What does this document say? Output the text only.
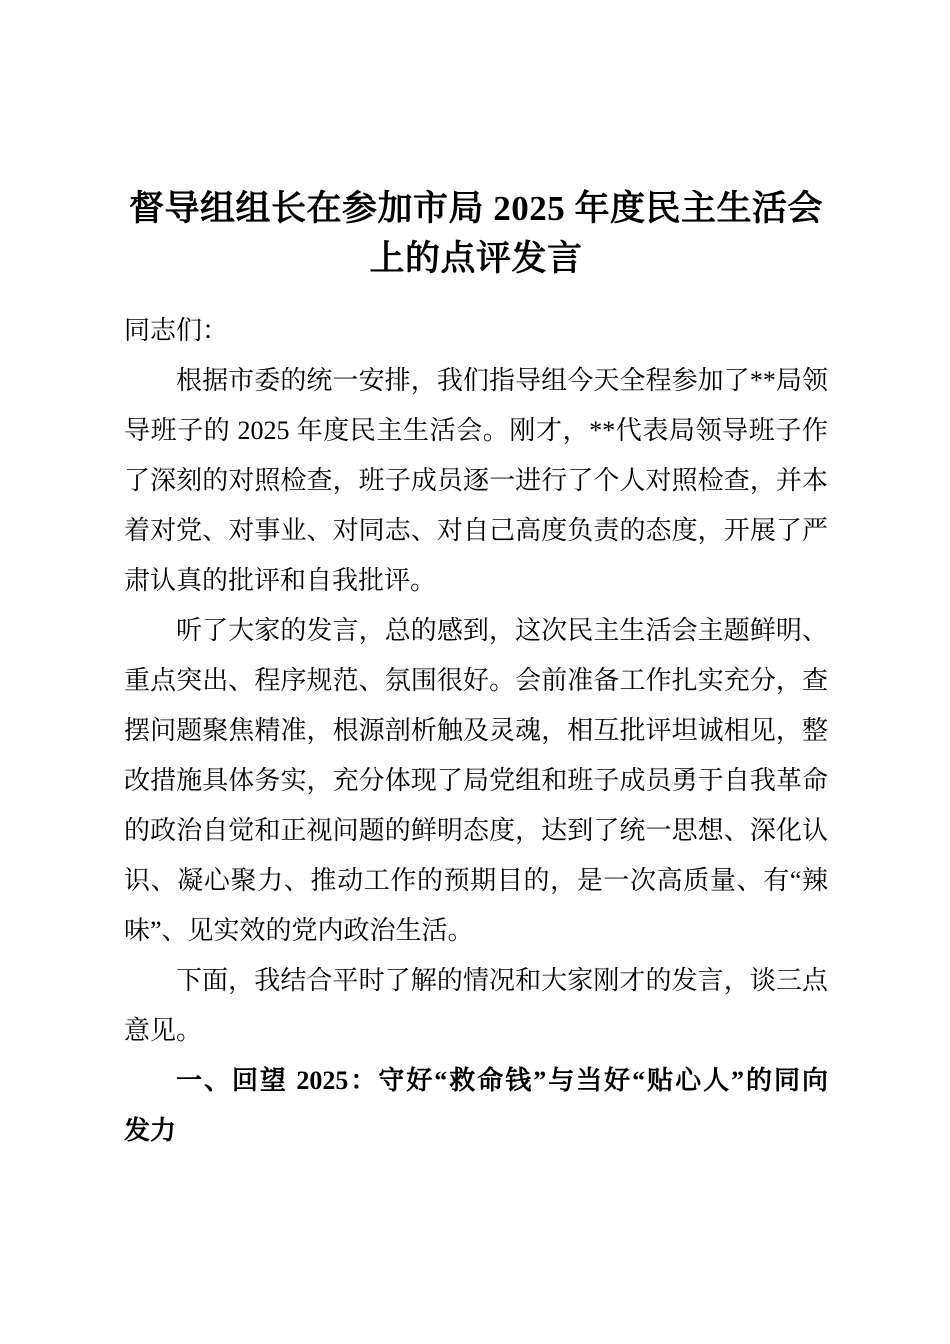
督导组组长在参加市局 2025 年度民主生活会
上的点评发言
同志们：
根据市委的统一安排，我们指导组今天全程参加了**局领
导班子的 2025 年度民主生活会。刚才，**代表局领导班子作
了深刻的对照检查，班子成员逐一进行了个人对照检查，并本
着对党、对事业、对同志、对自己高度负责的态度，开展了严
肃认真的批评和自我批评。
听了大家的发言，总的感到，这次民主生活会主题鲜明、
重点突出、程序规范、氛围很好。会前准备工作扎实充分，查
摆问题聚焦精准，根源剖析触及灵魂，相互批评坦诚相见，整
改措施具体务实，充分体现了局党组和班子成员勇于自我革命
的政治自觉和正视问题的鲜明态度，达到了统一思想、深化认
识、凝心聚力、推动工作的预期目的，是一次高质量、有“辣
味”、见实效的党内政治生活。
下面，我结合平时了解的情况和大家刚才的发言，谈三点
意见。
一、回望 2025：守好“救命钱”与当好“贴心人”的同向
发力
